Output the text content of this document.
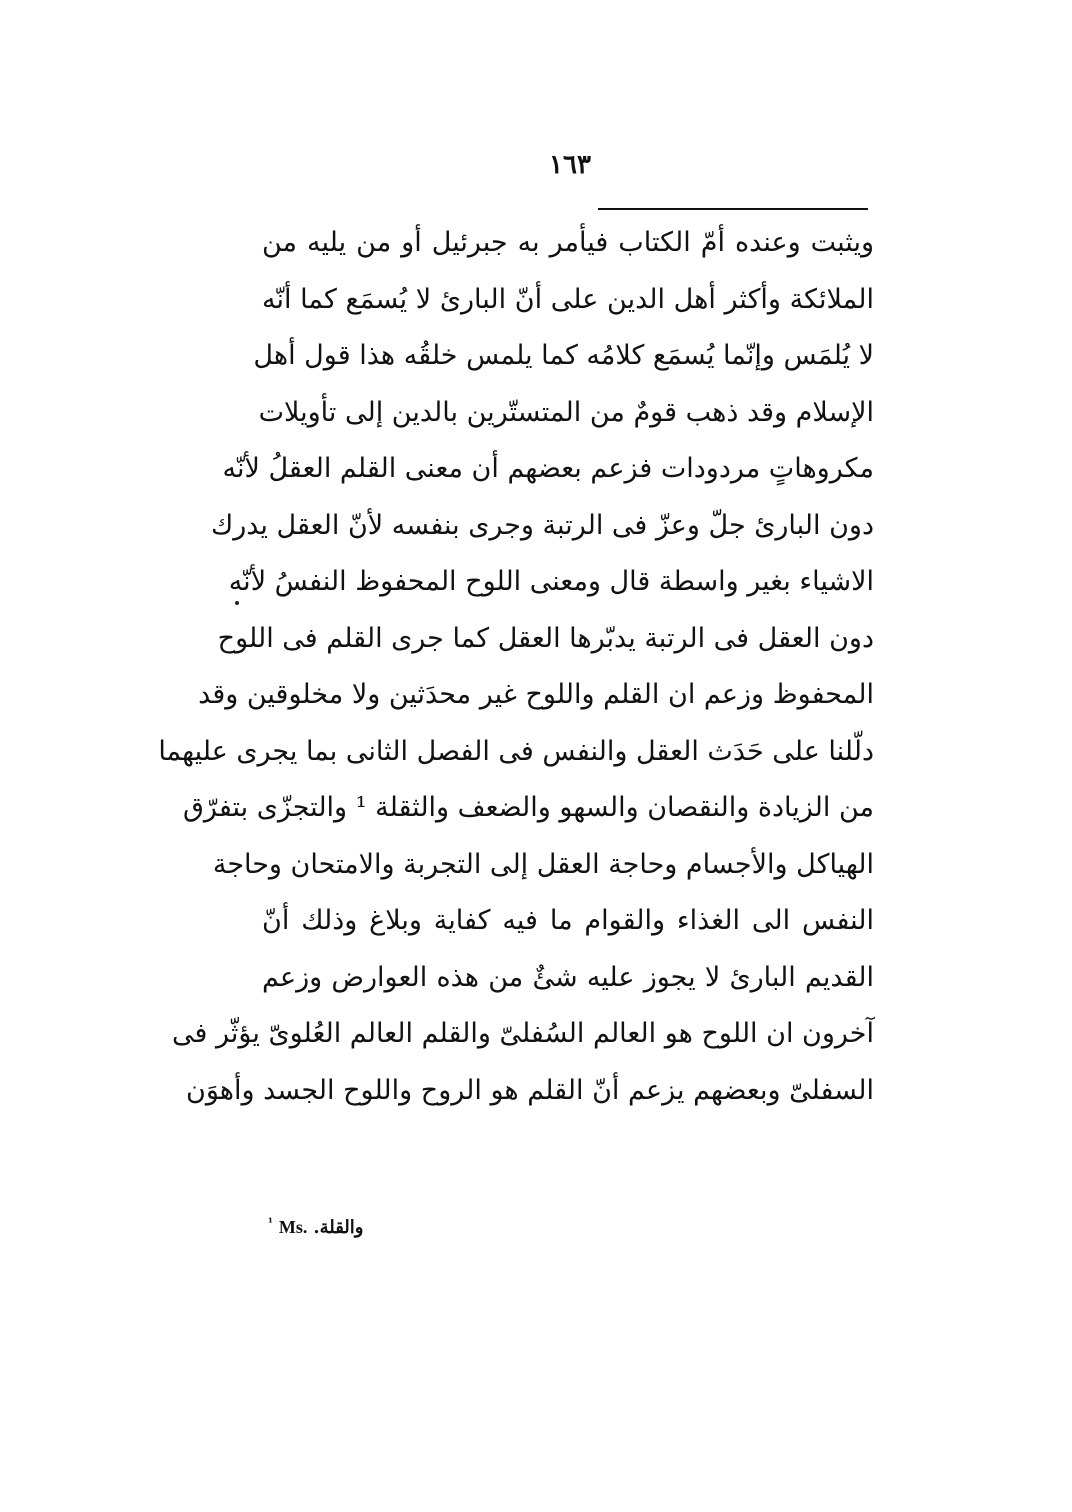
١٦٣
ويثبت وعنده أمّ الكتاب فيأمر به جبرئيل أو من يليه من
الملائكة وأكثر أهل الدين على أنّ البارئ لا يُسمَع كما أنّه
لا يُلمَس وإنّما يُسمَع كلامُه كما يلمس خلقُه هذا قول أهل
الإسلام وقد ذهب قومٌ من المتستّرين بالدين إلى تأويلات
مكروهاتٍ مردودات فزعم بعضهم أن معنى القلم العقلُ لأنّه
دون البارئ جلّ وعزّ فى الرتبة وجرى بنفسه لأنّ العقل يدرك
الاشياء بغير واسطة قال ومعنى اللوح المحفوظ النفسُ لأنّه
دون العقل فى الرتبة يدبّرها العقل كما جرى القلم فى اللوح
المحفوظ وزعم ان القلم واللوح غير محدَثين ولا مخلوقين وقد
دلّلنا على حَدَث العقل والنفس فى الفصل الثانى بما يجرى عليهما
من الزيادة والنقصان والسهو والضعف والثقلة ¹ والتجزّى بتفرّق
الهياكل والأجسام وحاجة العقل إلى التجربة والامتحان وحاجة
النفس الى الغذاء والقوام ما فيه كفاية وبلاغ وذلك أنّ
القديم البارئ لا يجوز عليه شئٌ من هذه العوارض وزعم
آخرون ان اللوح هو العالم السُفلىّ والقلم العالم العُلوىّ يؤثّر فى
السفلىّ وبعضهم يزعم أنّ القلم هو الروح واللوح الجسد وأهوَن
$^{^1}$ Ms. والقلة.
